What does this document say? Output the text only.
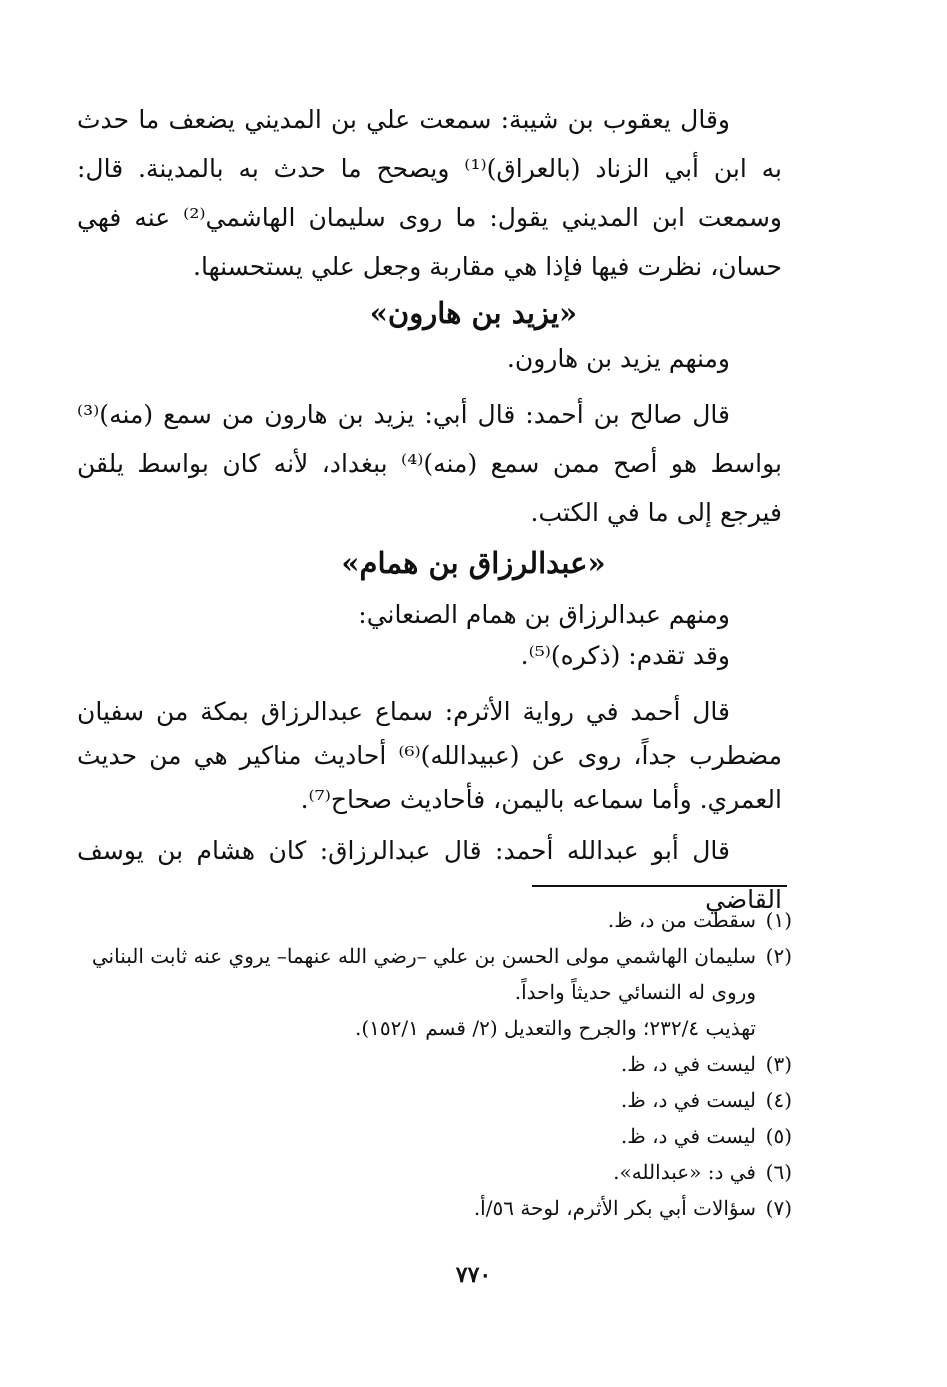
وقال يعقوب بن شيبة: سمعت علي بن المديني يضعف ما حدث به ابن أبي الزناد (بالعراق)⁽¹⁾ ويصحح ما حدث به بالمدينة. قال: وسمعت ابن المديني يقول: ما روى سليمان الهاشمي⁽²⁾ عنه فهي حسان، نظرت فيها فإذا هي مقاربة وجعل علي يستحسنها.

«يزيد بن هارون»

ومنهم يزيد بن هارون.

قال صالح بن أحمد: قال أبي: يزيد بن هارون من سمع (منه)⁽³⁾ بواسط هو أصح ممن سمع (منه)⁽⁴⁾ ببغداد، لأنه كان بواسط يلقن فيرجع إلى ما في الكتب.

«عبدالرزاق بن همام»

ومنهم عبدالرزاق بن همام الصنعاني:

وقد تقدم: (ذكره)⁽⁵⁾.

قال أحمد في رواية الأثرم: سماع عبدالرزاق بمكة من سفيان مضطرب جداً، روى عن (عبيدالله)⁽⁶⁾ أحاديث مناكير هي من حديث العمري. وأما سماعه باليمن، فأحاديث صحاح⁽⁷⁾.

قال أبو عبدالله أحمد: قال عبدالرزاق: كان هشام بن يوسف القاضي

(١)
سقطت من د، ظ.
(٢)
سليمان الهاشمي مولى الحسن بن علي –رضي الله عنهما– يروي عنه ثابت البناني وروى له النسائي حديثاً واحداً.
تهذيب ٢٣٢/٤؛ والجرح والتعديل (٢/ قسم ١٥٢/١).
(٣)
ليست في د، ظ.
(٤)
ليست في د، ظ.
(٥)
ليست في د، ظ.
(٦)
في د: «عبدالله».
(٧)
سؤالات أبي بكر الأثرم، لوحة ٥٦/أ.
٧٧٠
